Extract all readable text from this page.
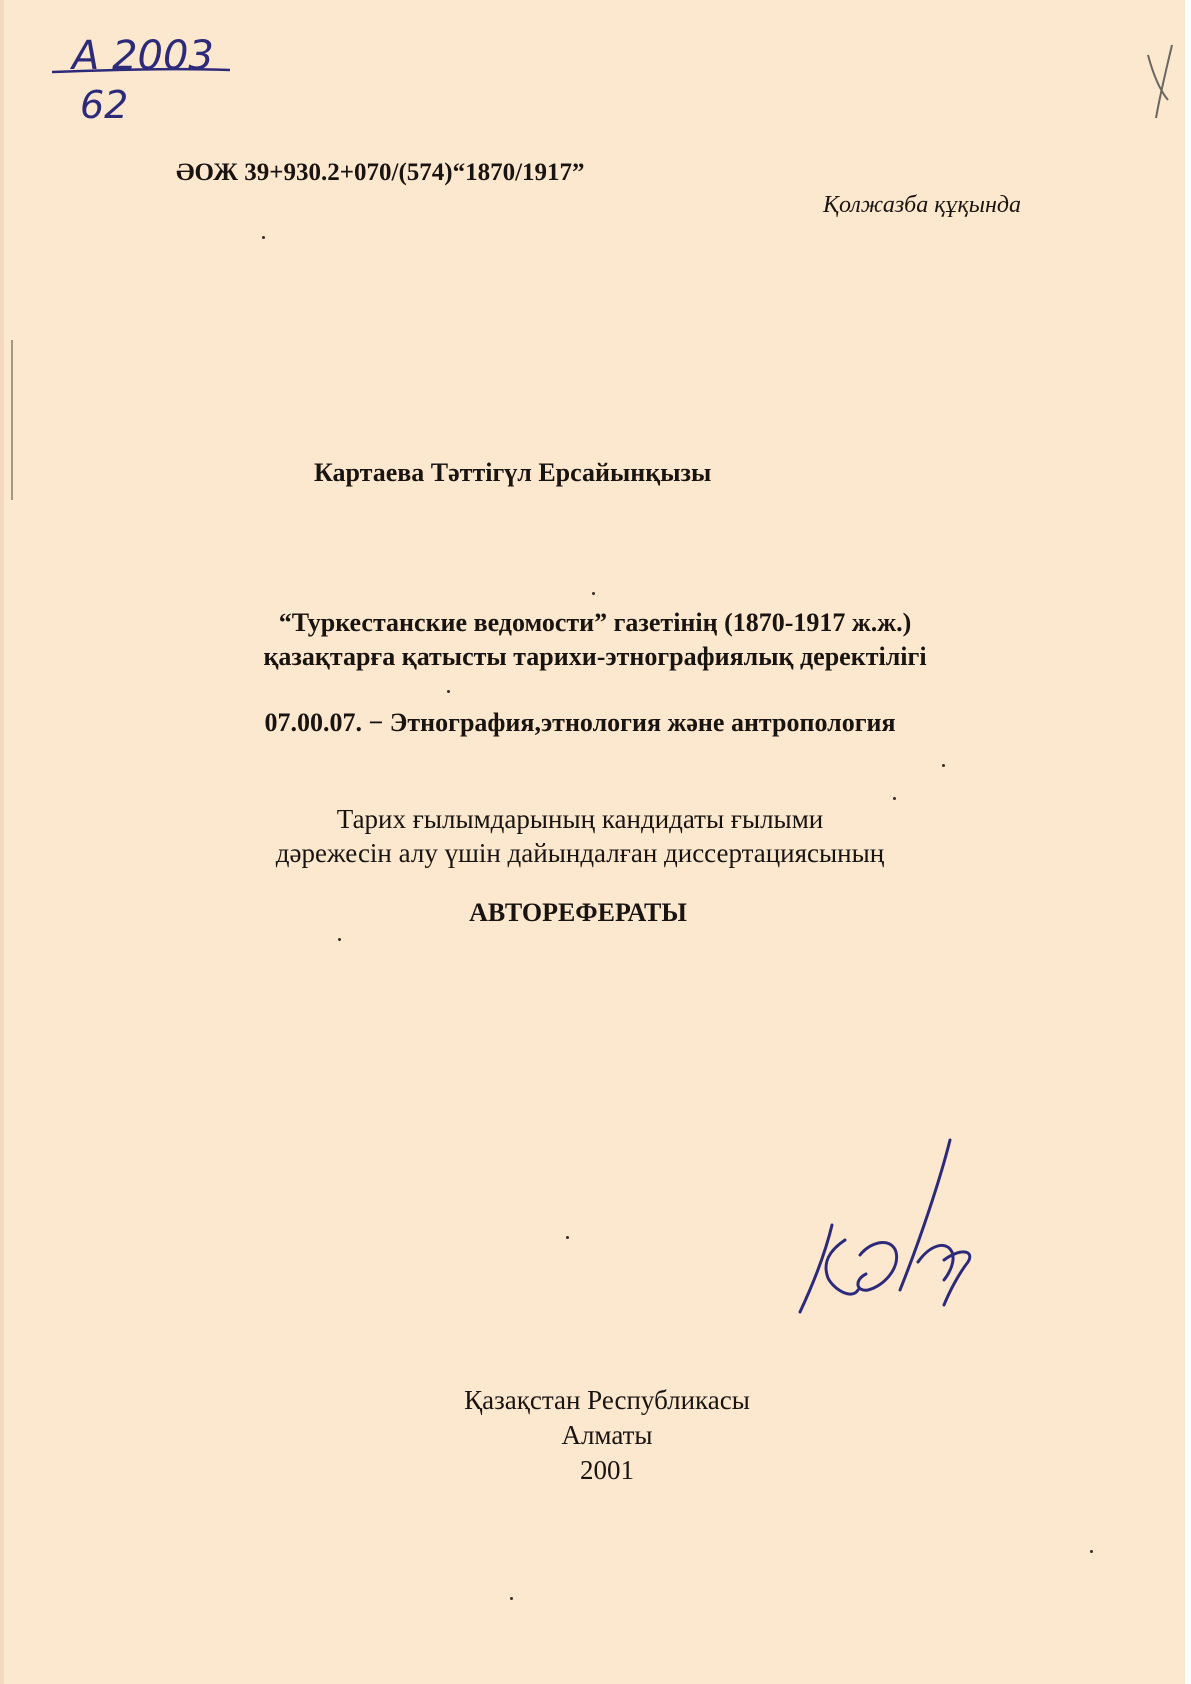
А 2003
62
ӘОЖ 39+930.2+070/(574)“1870/1917”
Қолжазба құқында
Картаева Тәттігүл Ерсайынқызы
“Туркестанские ведомости” газетінің (1870-1917 ж.ж.)
қазақтарға қатысты тарихи-этнографиялық деректілігі
07.00.07. − Этнография,этнология және антропология
Тарих ғылымдарының кандидаты ғылыми
дәрежесін алу үшін дайындалған диссертациясының
АВТОРЕФЕРАТЫ
Қазақстан Республикасы
Алматы
2001
